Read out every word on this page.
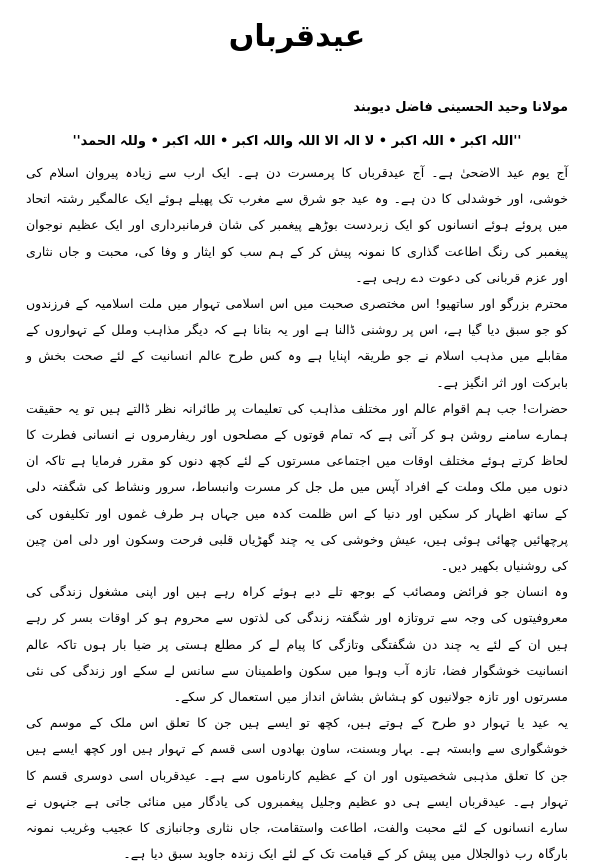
عیدقرباں
مولانا وحید الحسینی فاضل دیوبند
''اللہ اکبر • اللہ اکبر • لا الہ الا اللہ واللہ اکبر • اللہ اکبر • وللہ الحمد''

آج یوم عید الاضحیٰ ہے۔ آج عیدقرباں کا پرمسرت دن ہے۔ ایک ارب سے زیادہ پیروان اسلام کی خوشی، اور خوشدلی کا دن ہے۔ وہ عید جو شرق سے مغرب تک پھیلے ہوئے ایک عالمگیر رشتہ اتحاد میں پروئے ہوئے انسانوں کو ایک زبردست بوڑھے پیغمبر کی شان فرمانبرداری اور ایک عظیم نوجوان پیغمبر کی رنگ اطاعت گذاری کا نمونہ پیش کر کے ہم سب کو ایثار و وفا کی، محبت و جاں نثاری اور عزم قربانی کی دعوت دے رہی ہے۔

محترم بزرگو اور ساتھیو! اس مختصری صحبت میں اس اسلامی تہوار میں ملت اسلامیہ کے فرزندوں کو جو سبق دیا گیا ہے، اس پر روشنی ڈالنا ہے اور یہ بتانا ہے کہ دیگر مذاہب وملل کے تہواروں کے مقابلے میں مذہب اسلام نے جو طریقہ اپنایا ہے وہ کس طرح عالم انسانیت کے لئے صحت بخش و بابرکت اور اثر انگیز ہے۔

حضرات! جب ہم اقوام عالم اور مختلف مذاہب کی تعلیمات پر طائرانہ نظر ڈالتے ہیں تو یہ حقیقت ہمارے سامنے روشن ہو کر آتی ہے کہ تمام قوتوں کے مصلحوں اور ریفارمروں نے انسانی فطرت کا لحاظ کرتے ہوئے مختلف اوقات میں اجتماعی مسرتوں کے لئے کچھ دنوں کو مقرر فرمایا ہے تاکہ ان دنوں میں ملک وملت کے افراد آپس میں مل جل کر مسرت وانبساط، سرور ونشاط کی شگفتہ دلی کے ساتھ اظہار کر سکیں اور دنیا کے اس ظلمت کدہ میں جہاں ہر طرف غموں اور تکلیفوں کی پرچھائیں چھائی ہوئی ہیں، عیش وخوشی کی یہ چند گھڑیاں قلبی فرحت وسکون اور دلی امن چین کی روشنیاں بکھیر دیں۔

وہ انسان جو فرائض ومصائب کے بوجھ تلے دبے ہوئے کراہ رہے ہیں اور اپنی مشغول زندگی کی معروفیتوں کی وجہ سے تروتازہ اور شگفتہ زندگی کی لذتوں سے محروم ہو کر اوقات بسر کر رہے ہیں ان کے لئے یہ چند دن شگفتگی وتازگی کا پیام لے کر مطلع ہستی پر ضیا بار ہوں تاکہ عالم انسانیت خوشگوار فضا، تازہ آب وہوا میں سکون واطمینان سے سانس لے سکے اور زندگی کی نئی مسرتوں اور تازہ جولانیوں کو ہشاش بشاش انداز میں استعمال کر سکے۔

یہ عید یا تہوار دو طرح کے ہوتے ہیں، کچھ تو ایسے ہیں جن کا تعلق اس ملک کے موسم کی خوشگواری سے وابستہ ہے۔ بہار وبسنت، ساون بھادوں اسی قسم کے تہوار ہیں اور کچھ ایسے ہیں جن کا تعلق مذہبی شخصیتوں اور ان کے عظیم کارناموں سے ہے۔ عیدقرباں اسی دوسری قسم کا تہوار ہے۔ عیدقرباں ایسے ہی دو عظیم وجلیل پیغمبروں کی یادگار میں منائی جاتی ہے جنہوں نے سارے انسانوں کے لئے محبت والفت، اطاعت واستقامت، جاں نثاری وجانبازی کا عجیب وغریب نمونہ بارگاہ رب ذوالجلال میں پیش کر کے قیامت تک کے لئے ایک زندہ جاوید سبق دیا ہے۔
